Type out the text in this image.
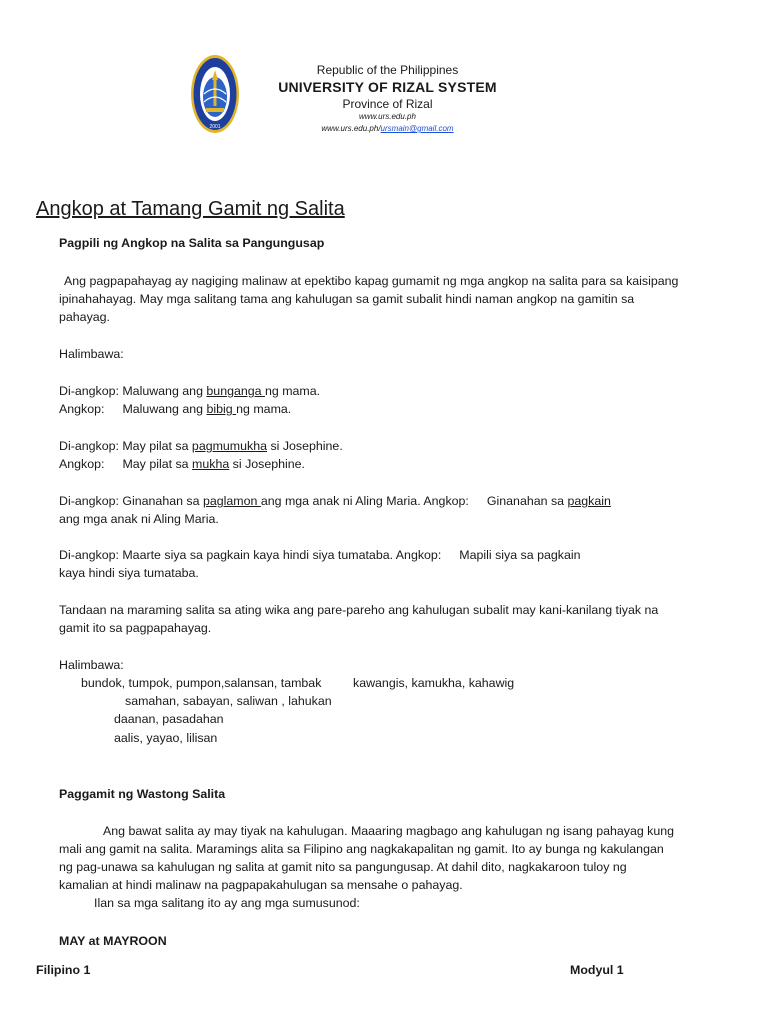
2001
Republic of the Philippines
UNIVERSITY OF RIZAL SYSTEM
Province of Rizal
www.urs.edu.ph
www.urs.edu.ph/ursmain@gmail.com
Angkop at Tamang Gamit ng Salita
Pagpili ng Angkop na Salita sa Pangungusap
Ang pagpapahayag ay nagiging malinaw at epektibo kapag gumamit ng mga angkop na salita para sa kaisipang
ipinahahayag. May mga salitang tama ang kahulugan sa gamit subalit hindi naman angkop na gamitin sa
pahayag.
Halimbawa:
Di-angkop: Maluwang ang bunganga ng mama.
Angkop: Maluwang ang bibig ng mama.
Di-angkop: May pilat sa pagmumukha si Josephine.
Angkop: May pilat sa mukha si Josephine.
Di-angkop: Ginanahan sa paglamon ang mga anak ni Aling Maria. Angkop: Ginanahan sa pagkain
ang mga anak ni Aling Maria.
Di-angkop: Maarte siya sa pagkain kaya hindi siya tumataba. Angkop: Mapili siya sa pagkain
kaya hindi siya tumataba.
Tandaan na maraming salita sa ating wika ang pare-pareho ang kahulugan subalit may kani-kanilang tiyak na
gamit ito sa pagpapahayag.
Halimbawa:
bundok, tumpok, pumpon,salansan, tambak	kawangis, kamukha, kahawig
samahan, sabayan, saliwan , lahukan
daanan, pasadahan
aalis, yayao, lilisan
Paggamit ng Wastong Salita
Ang bawat salita ay may tiyak na kahulugan. Maaaring magbago ang kahulugan ng isang pahayag kung
mali ang gamit na salita. Maramings alita sa Filipino ang nagkakapalitan ng gamit. Ito ay bunga ng kakulangan
ng pag-unawa sa kahulugan ng salita at gamit nito sa pangungusap. At dahil dito, nagkakaroon tuloy ng
kamalian at hindi malinaw na pagpapakahulugan sa mensahe o pahayag.
Ilan sa mga salitang ito ay ang mga sumusunod:
MAY at MAYROON
Filipino 1	Modyul 1
